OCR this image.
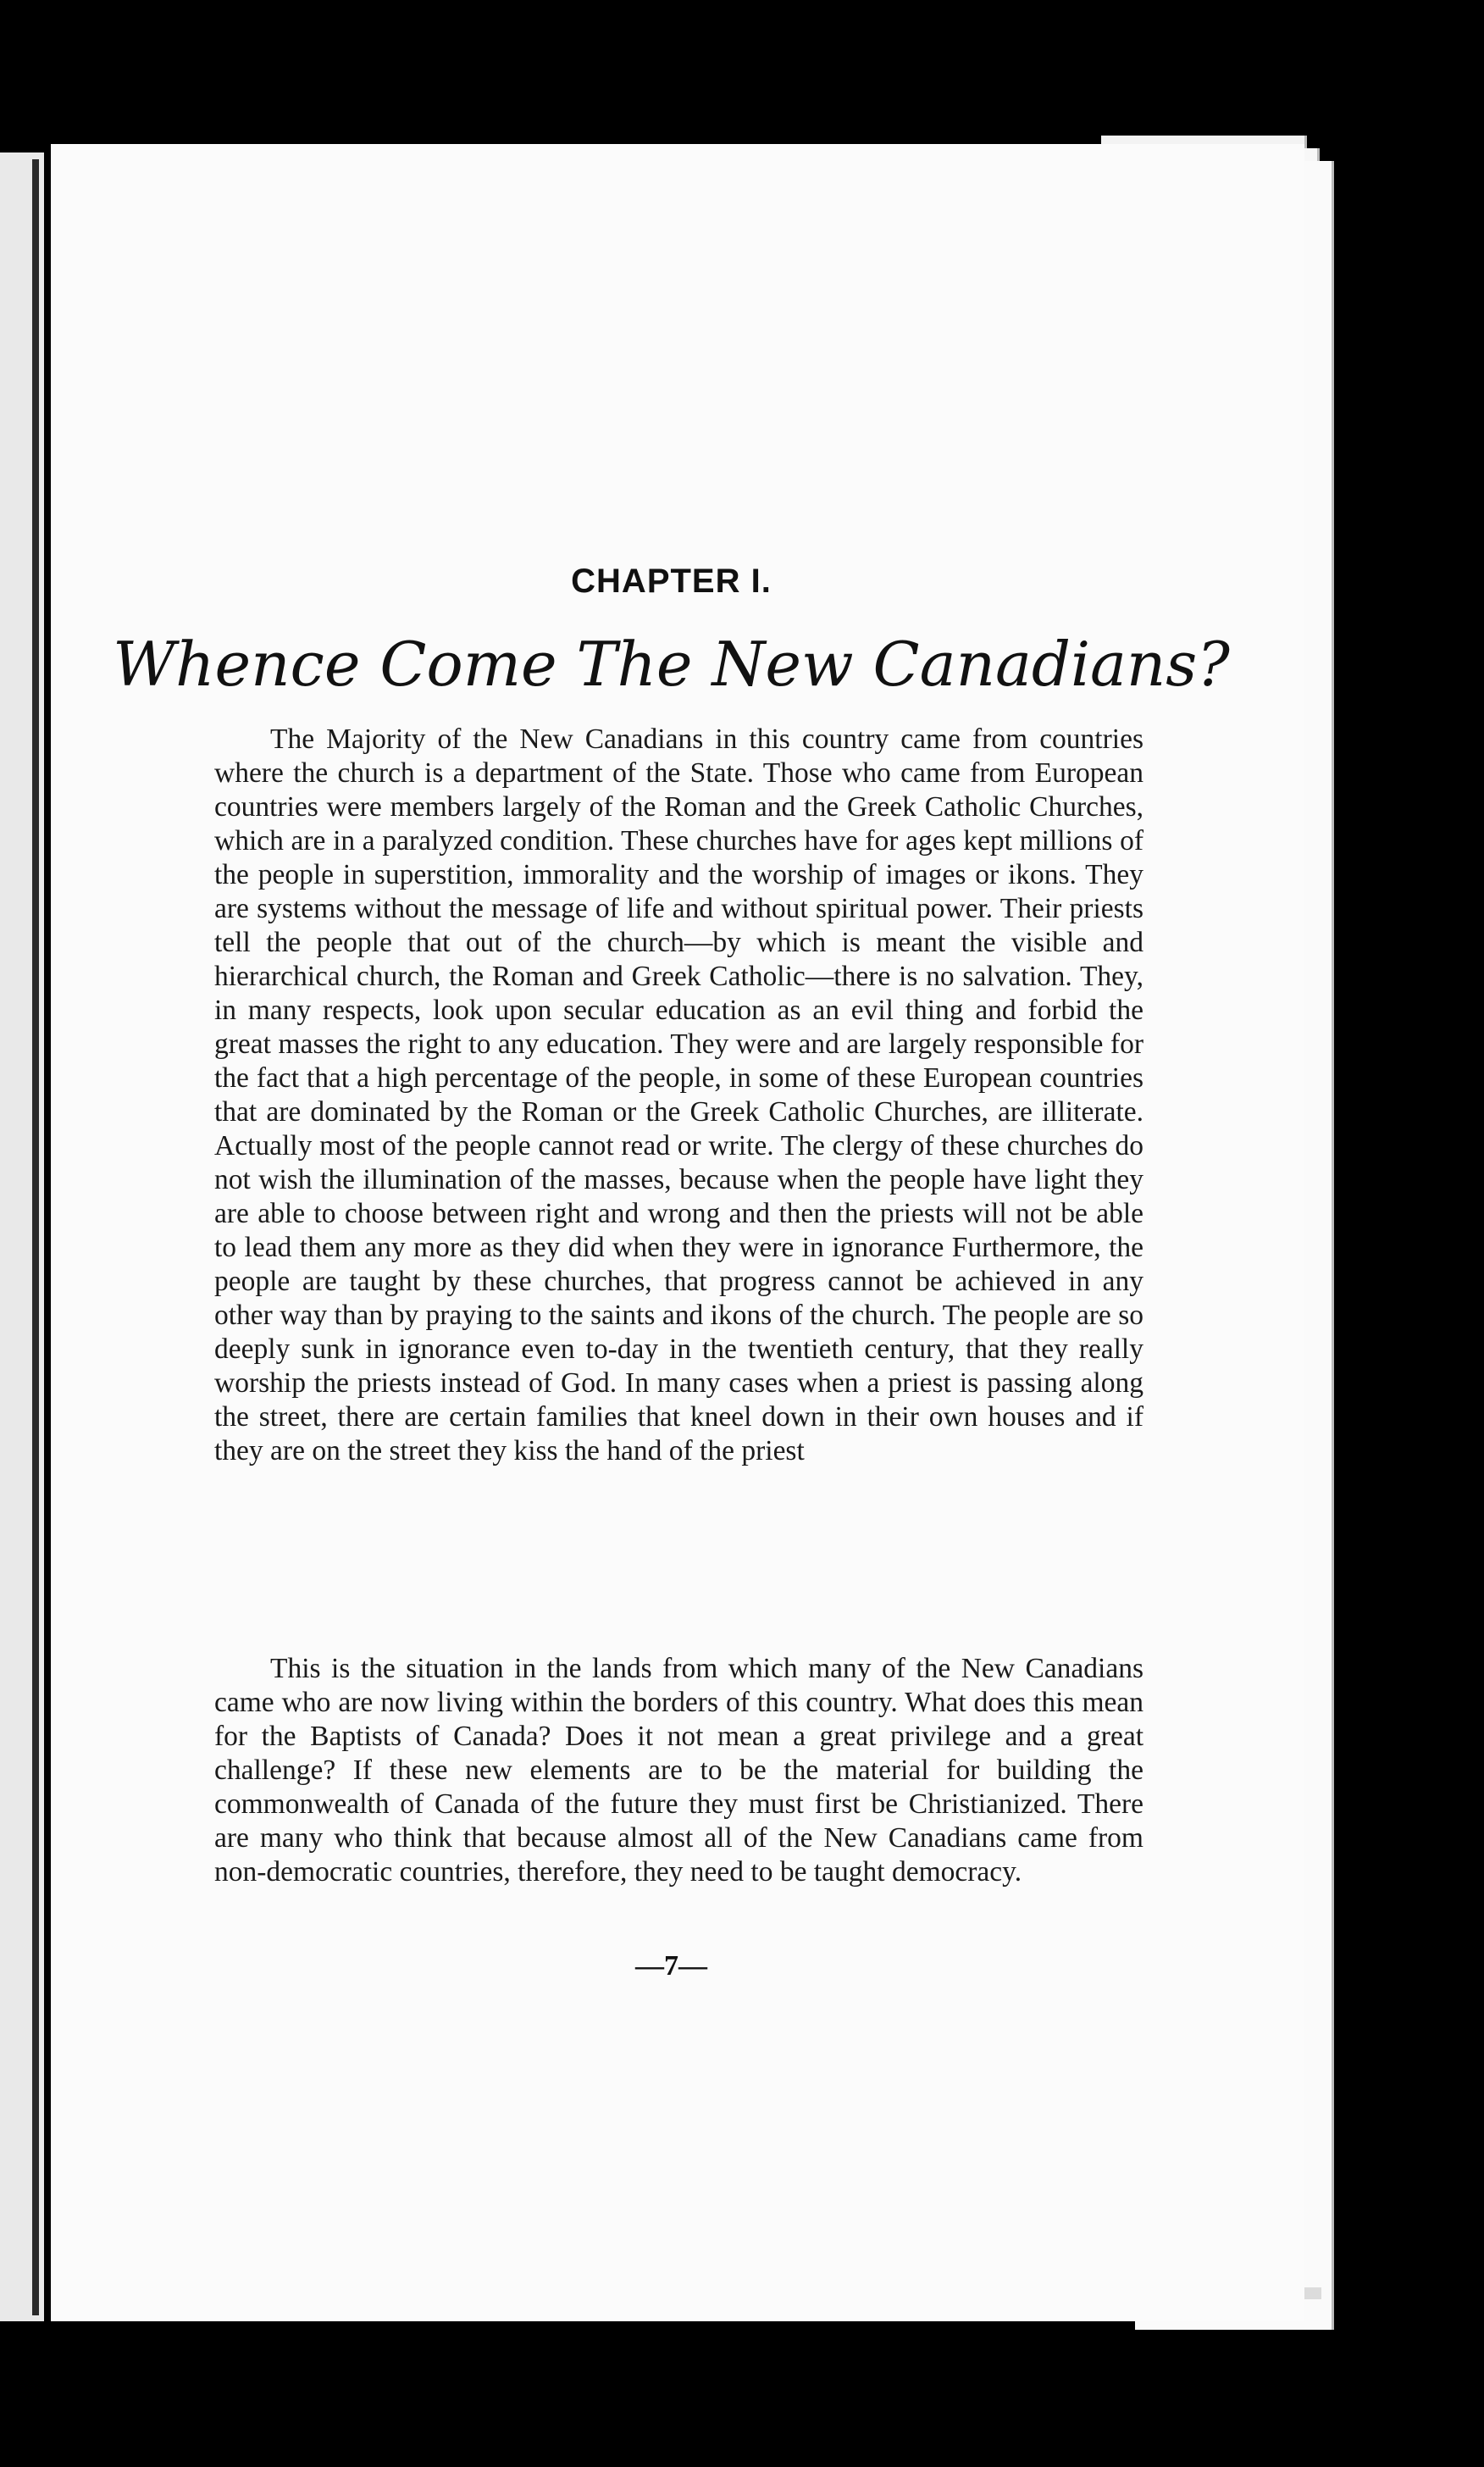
CHAPTER I.
Whence Come The New Canadians?

The Majority of the New Canadians in this country came from countries where the church is a department of the State. Those who came from European countries were members largely of the Roman and the Greek Catholic Churches, which are in a paralyzed condition. These churches have for ages kept millions of the people in superstition, immorality and the worship of images or ikons. They are systems without the message of life and without spiritual power. Their priests tell the people that out of the church—by which is meant the visible and hierarchical church, the Roman and Greek Catholic—there is no salvation. They, in many respects, look upon secular education as an evil thing and forbid the great masses the right to any education. They were and are largely responsible for the fact that a high percentage of the people, in some of these European countries that are dominated by the Roman or the Greek Catholic Churches, are illiterate. Actually most of the people cannot read or write. The clergy of these churches do not wish the illumination of the masses, because when the people have light they are able to choose between right and wrong and then the priests will not be able to lead them any more as they did when they were in ignorance Furthermore, the people are taught by these churches, that progress cannot be achieved in any other way than by praying to the saints and ikons of the church. The people are so deeply sunk in ignorance even to-day in the twentieth century, that they really worship the priests instead of God. In many cases when a priest is passing along the street, there are certain families that kneel down in their own houses and if they are on the street they kiss the hand of the priest

This is the situation in the lands from which many of the New Canadians came who are now living within the borders of this country. What does this mean for the Baptists of Canada? Does it not mean a great privilege and a great challenge? If these new elements are to be the material for building the commonwealth of Canada of the future they must first be Christianized. There are many who think that because almost all of the New Canadians came from non-democratic countries, therefore, they need to be taught democracy.

—7—
